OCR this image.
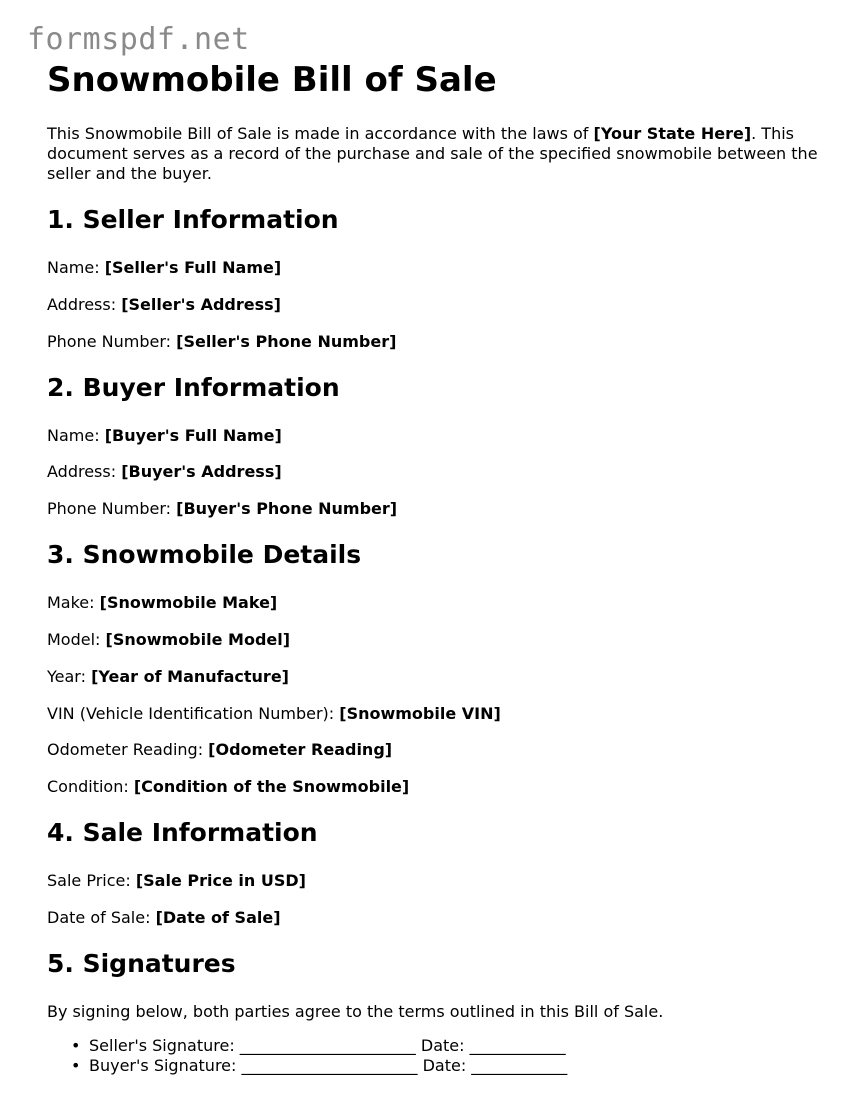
formspdf.net
Snowmobile Bill of Sale

This Snowmobile Bill of Sale is made in accordance with the laws of [Your State Here]. This document serves as a record of the purchase and sale of the specified snowmobile between the seller and the buyer.

1. Seller Information

Name: [Seller's Full Name]

Address: [Seller's Address]

Phone Number: [Seller's Phone Number]

2. Buyer Information

Name: [Buyer's Full Name]

Address: [Buyer's Address]

Phone Number: [Buyer's Phone Number]

3. Snowmobile Details

Make: [Snowmobile Make]

Model: [Snowmobile Model]

Year: [Year of Manufacture]

VIN (Vehicle Identification Number): [Snowmobile VIN]

Odometer Reading: [Odometer Reading]

Condition: [Condition of the Snowmobile]

4. Sale Information

Sale Price: [Sale Price in USD]

Date of Sale: [Date of Sale]

5. Signatures

By signing below, both parties agree to the terms outlined in this Bill of Sale.

• Seller's Signature: ______________________ Date: ____________
• Buyer's Signature: ______________________ Date: ____________
